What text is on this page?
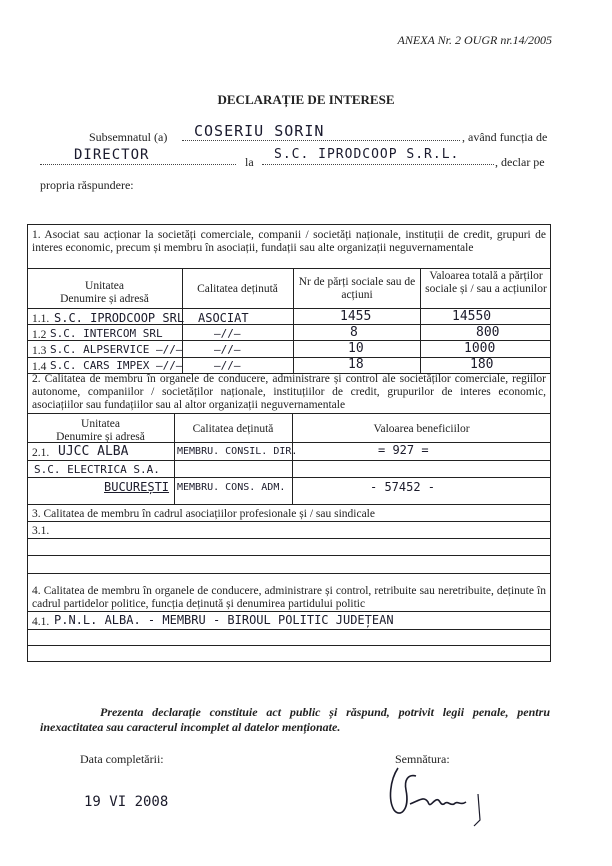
ANEXA Nr. 2 OUGR nr.14/2005
DECLARAȚIE DE INTERESE
Subsemnatul (a) COSERIU SORIN	, având funcția de
DIRECTOR	la S.C. IPRODCOOP S.R.L.	, declar pe
propria răspundere:
1. Asociat sau acționar la societăți comerciale, companii / societăți naționale, instituții de credit, grupuri de interes economic, precum și membru în asociații, fundații sau alte organizații neguvernamentale
Unitatea
Denumire și adresă
Calitatea deținută
Nr de părți sociale sau de acțiuni
Valoarea totală a părților sociale și / sau a acțiunilor
1.1. S.C. IPRODCOOP SRL ASOCIAT	1455	14550
1.2 S.C. INTERCOM SRL	—//—	8	800
1.3 S.C. ALPSERVICE —//—	—//—	10	1000
1.4 S.C. CARS IMPEX —//—	—//—	18	180
2. Calitatea de membru în organele de conducere, administrare și control ale societăților comerciale, regiilor autonome, companiilor / societăților naționale, instituțiilor de credit, grupurilor de interes economic, asociațiilor sau fundațiilor sau al altor organizații neguvernamentale
Unitatea
Denumire și adresă
Calitatea deținută	Valoarea beneficiilor
2.1. UJCC ALBA	MEMBRU. CONSIL. DIR.	= 927 =
S.C. ELECTRICA S.A.
BUCUREȘTI MEMBRU. CONS. ADM.	- 57452 -
3. Calitatea de membru în cadrul asociațiilor profesionale și / sau sindicale
3.1.
4. Calitatea de membru în organele de conducere, administrare și control, retribuite sau neretribuite, deținute în cadrul partidelor politice, funcția deținută și denumirea partidului politic
4.1. P.N.L. ALBA. - MEMBRU - BIROUL POLITIC JUDEȚEAN
Prezenta declarație constituie act public și răspund, potrivit legii penale, pentru inexactitatea sau caracterul incomplet al datelor menționate.
Data completării:
19 VI 2008
Semnătura:
